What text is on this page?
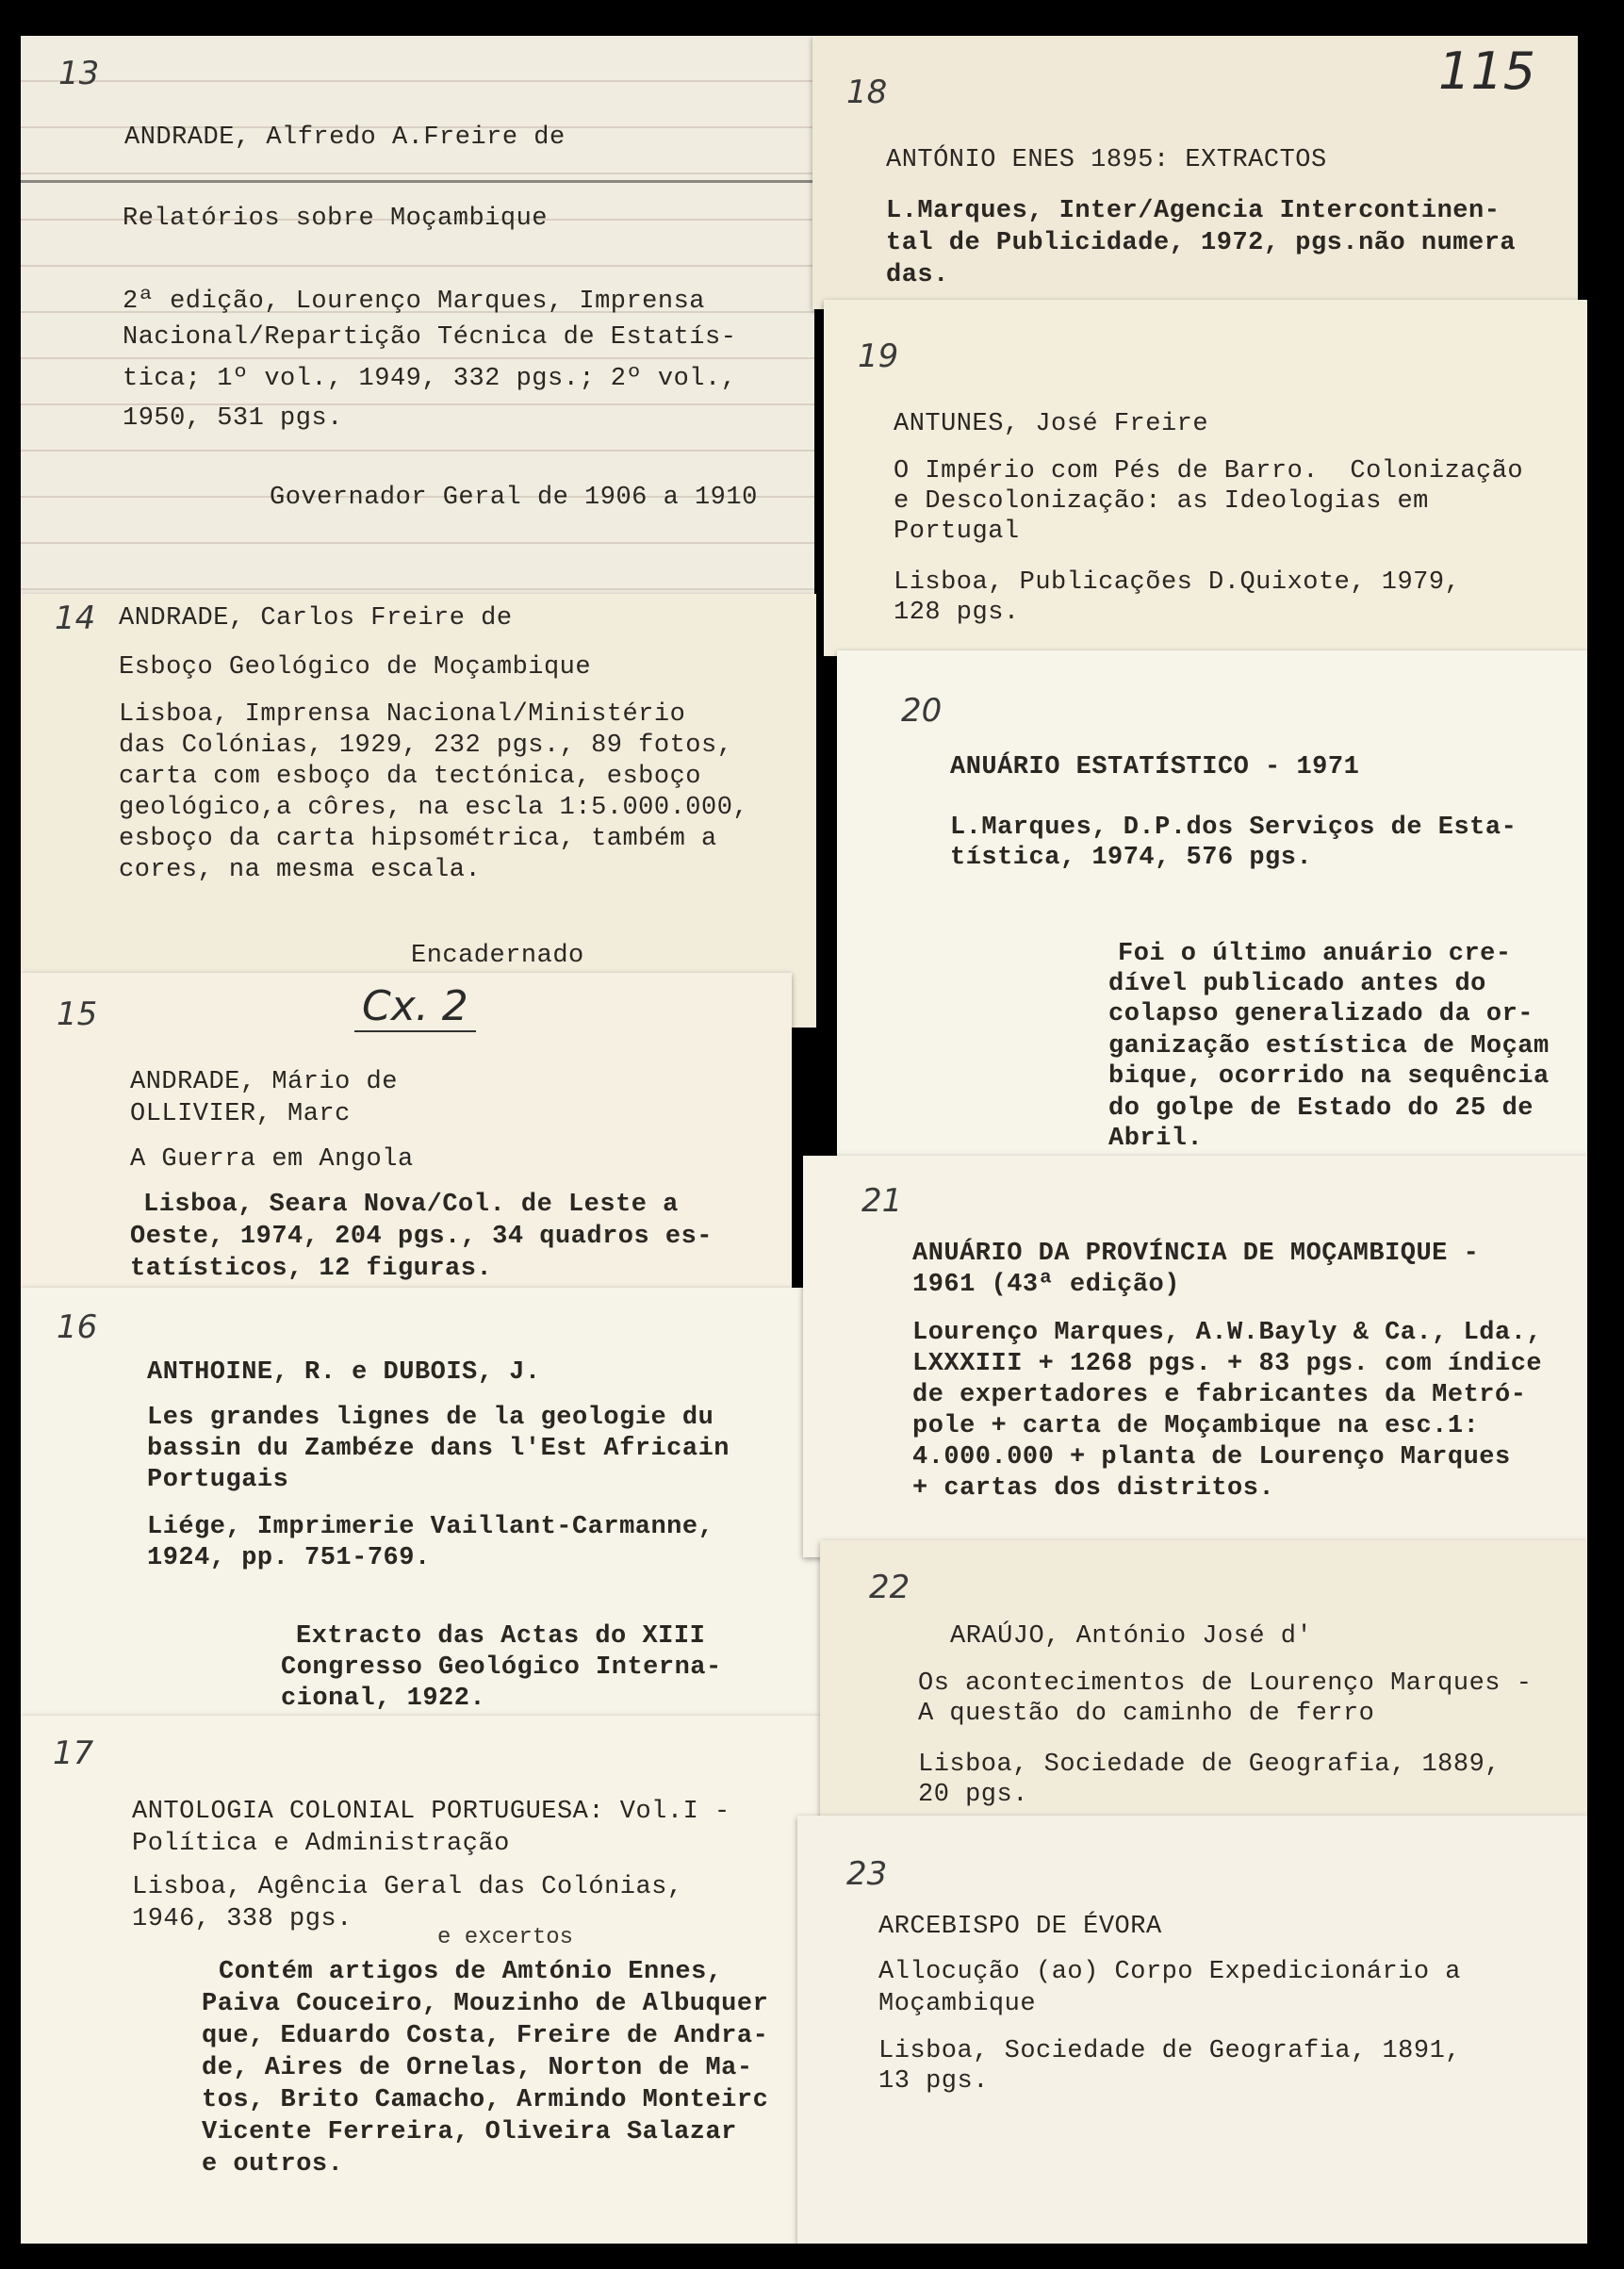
13
ANDRADE, Alfredo A.Freire de
Relatórios sobre Moçambique
2ª edição, Lourenço Marques, Imprensa
Nacional/Repartição Técnica de Estatís-
tica; 1º vol., 1949, 332 pgs.; 2º vol.,
1950, 531 pgs.
Governador Geral de 1906 a 1910
14 ANDRADE, Carlos Freire de
Esboço Geológico de Moçambique
Lisboa, Imprensa Nacional/Ministério
das Colónias, 1929, 232 pgs., 89 fotos,
carta com esboço da tectónica, esboço
geológico,a côres, na escla 1:5.000.000,
esboço da carta hipsométrica, também a
cores, na mesma escala.
Encadernado
15	Cx. 2
ANDRADE, Mário de
OLLIVIER, Marc
A Guerra em Angola
Lisboa, Seara Nova/Col. de Leste a
Oeste, 1974, 204 pgs., 34 quadros es-
tatísticos, 12 figuras.
16
ANTHOINE, R. e DUBOIS, J.
Les grandes lignes de la geologie du
bassin du Zambéze dans l'Est Africain
Portugais
Liége, Imprimerie Vaillant-Carmanne,
1924, pp. 751-769.
Extracto das Actas do XIII
Congresso Geológico Interna-
cional, 1922.
17
ANTOLOGIA COLONIAL PORTUGUESA: Vol.I -
Política e Administração
Lisboa, Agência Geral das Colónias,
1946, 338 pgs.
e excertos
Contém artigos de Amtónio Ennes,
Paiva Couceiro, Mouzinho de Albuquer
que, Eduardo Costa, Freire de Andra-
de, Aires de Ornelas, Norton de Ma-
tos, Brito Camacho, Armindo Monteirc
Vicente Ferreira, Oliveira Salazar
e outros.
18	115
ANTÓNIO ENES 1895: EXTRACTOS
L.Marques, Inter/Agencia Intercontinen-
tal de Publicidade, 1972, pgs.não numera
das.
19
ANTUNES, José Freire
O Império com Pés de Barro.  Colonização
e Descolonização: as Ideologias em
Portugal
Lisboa, Publicações D.Quixote, 1979,
128 pgs.
20
ANUÁRIO ESTATÍSTICO - 1971
L.Marques, D.P.dos Serviços de Esta-
tística, 1974, 576 pgs.
Foi o último anuário cre-
dível publicado antes do
colapso generalizado da or-
ganização estística de Moçam
bique, ocorrido na sequência
do golpe de Estado do 25 de
Abril.
21
ANUÁRIO DA PROVÍNCIA DE MOÇAMBIQUE -
1961 (43ª edição)
Lourenço Marques, A.W.Bayly & Ca., Lda.,
LXXXIII + 1268 pgs. + 83 pgs. com índice
de expertadores e fabricantes da Metró-
pole + carta de Moçambique na esc.1:
4.000.000 + planta de Lourenço Marques
+ cartas dos distritos.
22
ARAÚJO, António José d'
Os acontecimentos de Lourenço Marques -
A questão do caminho de ferro
Lisboa, Sociedade de Geografia, 1889,
20 pgs.
23
ARCEBISPO DE ÉVORA
Allocução (ao) Corpo Expedicionário a
Moçambique
Lisboa, Sociedade de Geografia, 1891,
13 pgs.
